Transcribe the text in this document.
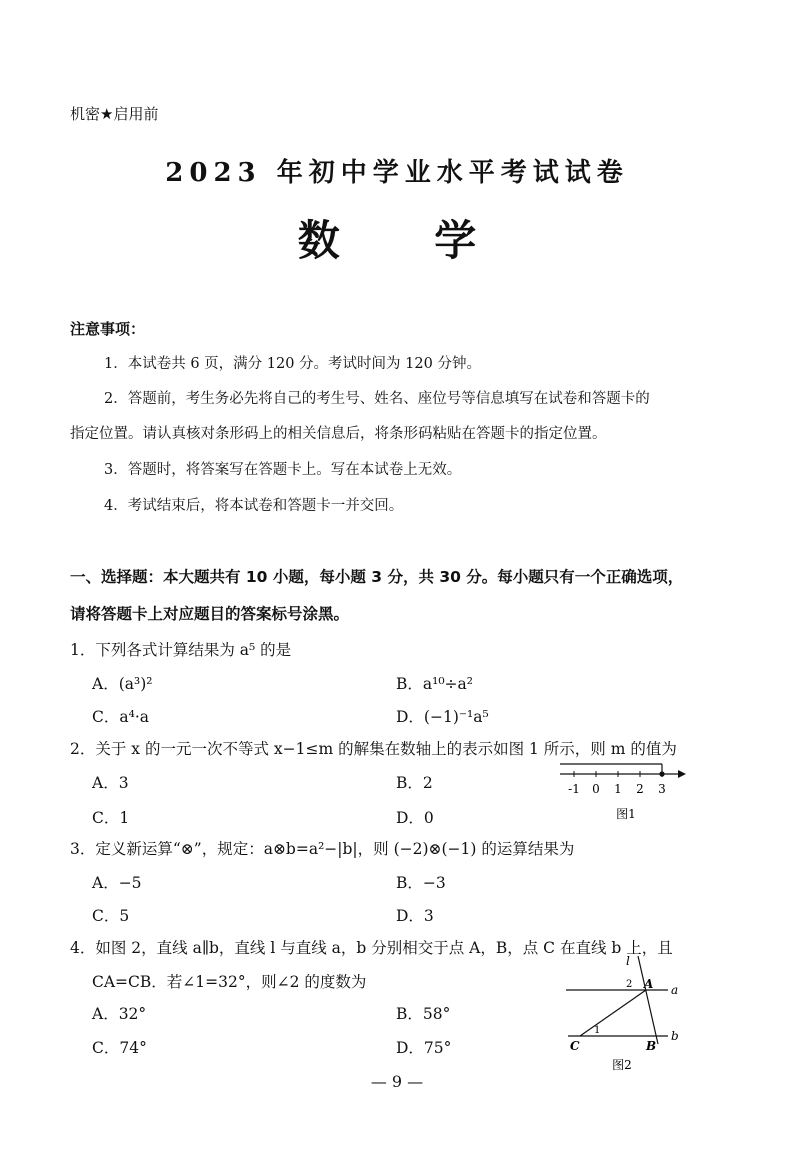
机密★启用前
2023 年初中学业水平考试试卷
数 学
注意事项：
1．本试卷共 6 页，满分 120 分。考试时间为 120 分钟。
2．答题前，考生务必先将自己的考生号、姓名、座位号等信息填写在试卷和答题卡的
指定位置。请认真核对条形码上的相关信息后，将条形码粘贴在答题卡的指定位置。
3．答题时，将答案写在答题卡上。写在本试卷上无效。
4．考试结束后，将本试卷和答题卡一并交回。
一、选择题：本大题共有 10 小题，每小题 3 分，共 30 分。每小题只有一个正确选项，
请将答题卡上对应题目的答案标号涂黑。
1．下列各式计算结果为 a⁵ 的是
A．(a³)²	B．a¹⁰÷a²
C．a⁴·a	D．(−1)⁻¹a⁵
2．关于 x 的一元一次不等式 x−1≤m 的解集在数轴上的表示如图 1 所示，则 m 的值为
A．3	B．2
C．1	D．0
-1 0 1 2 3
图1
3．定义新运算“⊗”，规定：a⊗b=a²−|b|，则 (−2)⊗(−1) 的运算结果为
A．−5	B．−3
C．5	D．3
4．如图 2，直线 a∥b，直线 l 与直线 a，b 分别相交于点 A，B，点 C 在直线 b 上，且
CA=CB．若∠1=32°，则∠2 的度数为
A．32°	B．58°
C．74°	D．75°
l
a
b
A
B
C
1
2
图2
— 9 —
